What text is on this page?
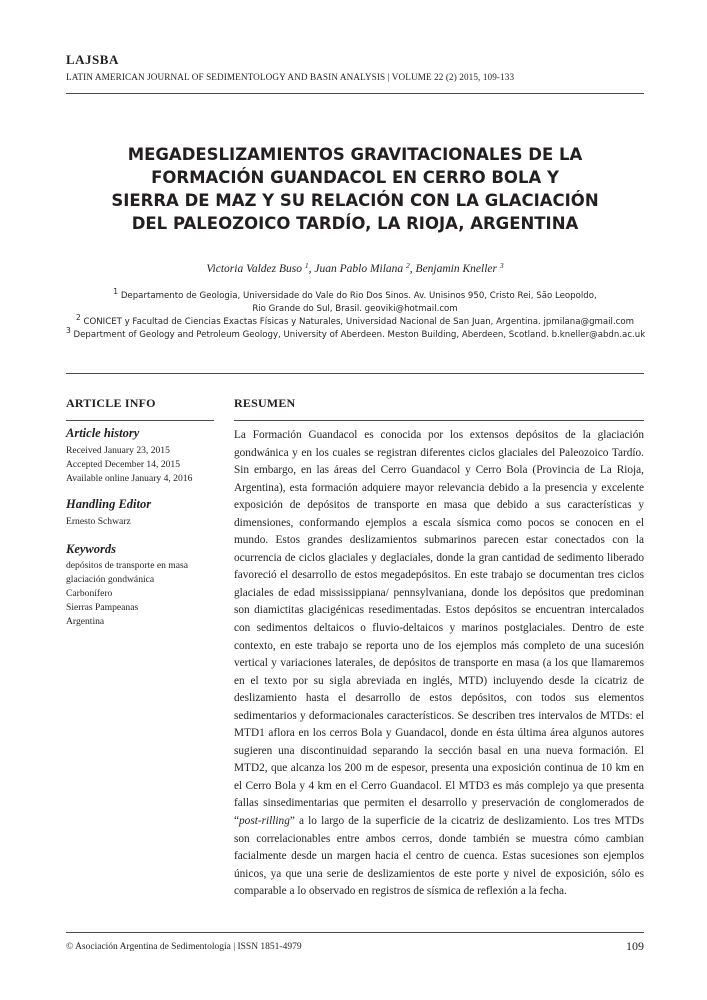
LAJSBA
LATIN AMERICAN JOURNAL OF SEDIMENTOLOGY AND BASIN ANALYSIS | VOLUME 22 (2) 2015, 109-133
MEGADESLIZAMIENTOS GRAVITACIONALES DE LA
FORMACIÓN GUANDACOL EN CERRO BOLA Y
SIERRA DE MAZ Y SU RELACIÓN CON LA GLACIACIÓN
DEL PALEOZOICO TARDÍO, LA RIOJA, ARGENTINA
Victoria Valdez Buso $^1$, Juan Pablo Milana $^2$, Benjamin Kneller $^3$
$^1$ Departamento de Geologia, Universidade do Vale do Rio Dos Sinos. Av. Unisinos 950, Cristo Rei, São Leopoldo,
Rio Grande do Sul, Brasil. geoviki@hotmail.com
$^2$ CONICET y Facultad de Ciencias Exactas Físicas y Naturales, Universidad Nacional de San Juan, Argentina. jpmilana@gmail.com
$^3$ Department of Geology and Petroleum Geology, University of Aberdeen. Meston Building, Aberdeen, Scotland. b.kneller@abdn.ac.uk
ARTICLE INFO
Article history
Received January 23, 2015
Accepted December 14, 2015
Available online January 4, 2016
Handling Editor
Ernesto Schwarz
Keywords
depósitos de transporte en masa
glaciación gondwánica
Carbonífero
Sierras Pampeanas
Argentina
RESUMEN

La Formación Guandacol es conocida por los extensos depósitos de la glaciación gondwánica y en los cuales se registran diferentes ciclos glaciales del Paleozoico Tardío. Sin embargo, en las áreas del Cerro Guandacol y Cerro Bola (Provincia de La Rioja, Argentina), esta formación adquiere mayor relevancia debido a la presencia y excelente exposición de depósitos de transporte en masa que debido a sus características y dimensiones, conformando ejemplos a escala sísmica como pocos se conocen en el mundo. Estos grandes deslizamientos submarinos parecen estar conectados con la ocurrencia de ciclos glaciales y deglaciales, donde la gran cantidad de sedimento liberado favoreció el desarrollo de estos megadepósitos. En este trabajo se documentan tres ciclos glaciales de edad mississippiana/ pennsylvaniana, donde los depósitos que predominan son diamictitas glacigénicas resedimentadas. Estos depósitos se encuentran intercalados con sedimentos deltaicos o fluvio-deltaicos y marinos postglaciales. Dentro de este contexto, en este trabajo se reporta uno de los ejemplos más completo de una sucesión vertical y variaciones laterales, de depósitos de transporte en masa (a los que llamaremos en el texto por su sigla abreviada en inglés, MTD) incluyendo desde la cicatriz de deslizamiento hasta el desarrollo de estos depósitos, con todos sus elementos sedimentarios y deformacionales característicos. Se describen tres intervalos de MTDs: el MTD1 aflora en los cerros Bola y Guandacol, donde en ésta última área algunos autores sugieren una discontinuidad separando la sección basal en una nueva formación. El MTD2, que alcanza los 200 m de espesor, presenta una exposición continua de 10 km en el Cerro Bola y 4 km en el Cerro Guandacol. El MTD3 es más complejo ya que presenta fallas sinsedimentarias que permiten el desarrollo y preservación de conglomerados de “post-rilling” a lo largo de la superficie de la cicatriz de deslizamiento. Los tres MTDs son correlacionables entre ambos cerros, donde también se muestra cómo cambian facialmente desde un margen hacia el centro de cuenca. Estas sucesiones son ejemplos únicos, ya que una serie de deslizamientos de este porte y nivel de exposición, sólo es comparable a lo observado en registros de sísmica de reflexión a la fecha.

© Asociación Argentina de Sedimentología | ISSN 1851-4979	109
